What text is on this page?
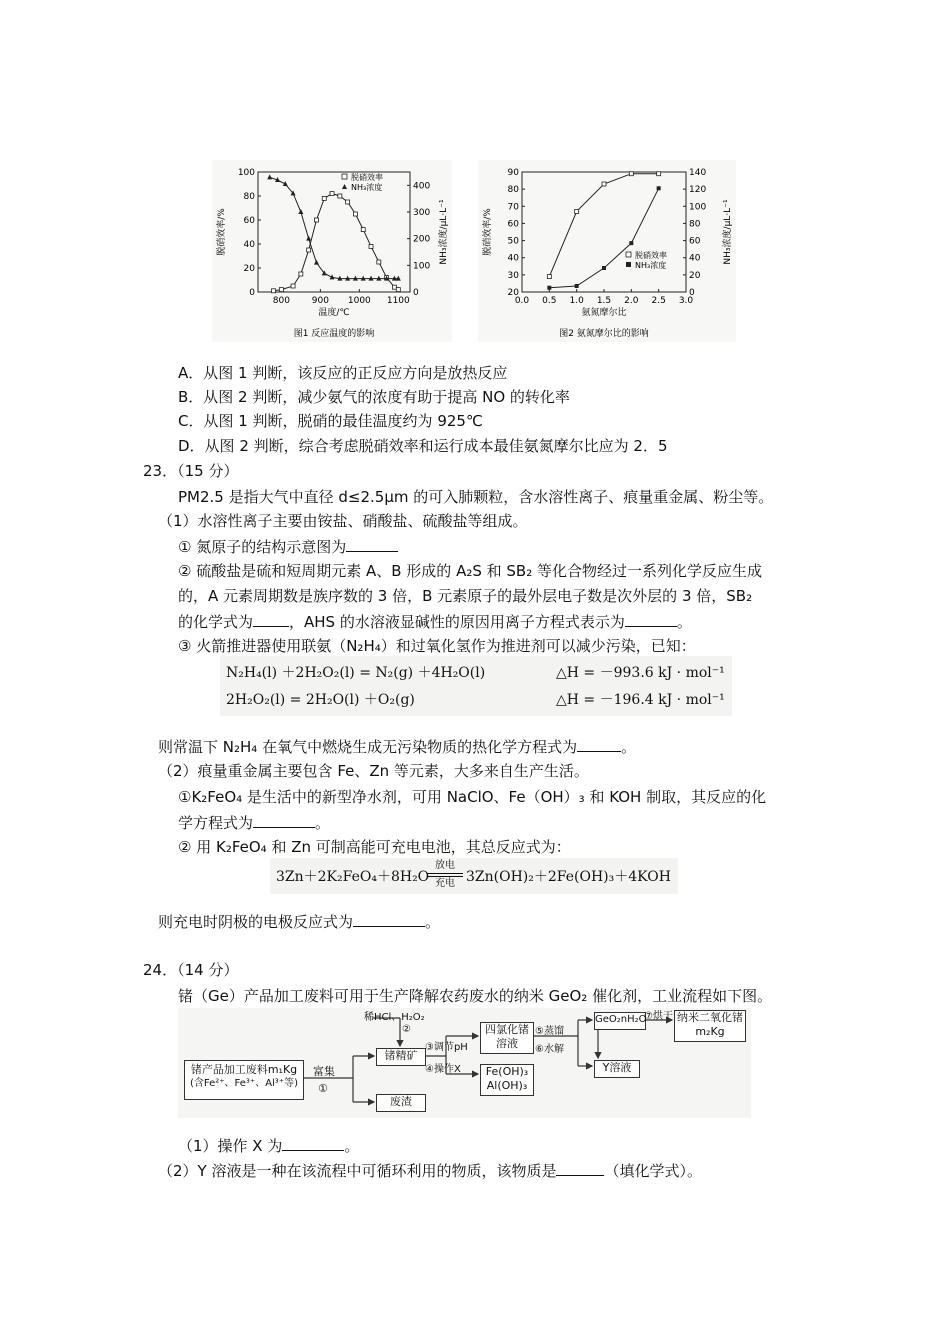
800 900 1000 1100
0
20
40
60
80
100
0
100
200
300
400
温度/℃
脱硝效率/%	NH₃浓度/μL·L⁻¹
图1 反应温度的影响
脱硝效率
NH₃浓度
0.0 0.5 1.0 1.5 2.0 2.5 3.0
20
30
40
50
60
70
80
90
0
20
40
60
80
100
120
140
氨氮摩尔比
脱硝效率/%	NH₃浓度/μL·L⁻¹
图2 氨氮摩尔比的影响
脱硝效率
NH₃浓度
A．从图 1 判断，该反应的正反应方向是放热反应
B．从图 2 判断，减少氨气的浓度有助于提高 NO 的转化率
C．从图 1 判断，脱硝的最佳温度约为 925℃
D．从图 2 判断，综合考虑脱硝效率和运行成本最佳氨氮摩尔比应为 2．5
23．（15 分）
PM2.5 是指大气中直径 d≤2.5μm 的可入肺颗粒，含水溶性离子、痕量重金属、粉尘等。
（1）水溶性离子主要由铵盐、硝酸盐、硫酸盐等组成。
① 氮原子的结构示意图为
② 硫酸盐是硫和短周期元素 A、B 形成的 A₂S 和 SB₂ 等化合物经过一系列化学反应生成
的，A 元素周期数是族序数的 3 倍，B 元素原子的最外层电子数是次外层的 3 倍，SB₂
的化学式为 ，AHS 的水溶液显碱性的原因用离子方程式表示为	。
③ 火箭推进器使用联氨（N₂H₄）和过氧化氢作为推进剂可以减少污染，已知：
N₂H₄(l) ＋2H₂O₂(l) = N₂(g) ＋4H₂O(l)	△H = －993.6 kJ · mol⁻¹
2H₂O₂(l) = 2H₂O(l) ＋O₂(g)	△H = －196.4 kJ · mol⁻¹
则常温下 N₂H₄ 在氧气中燃烧生成无污染物质的热化学方程式为	。
（2）痕量重金属主要包含 Fe、Zn 等元素，大多来自生产生活。
①K₂FeO₄ 是生活中的新型净水剂，可用 NaClO、Fe（OH）₃ 和 KOH 制取，其反应的化
学方程式为	。
② 用 K₂FeO₄ 和 Zn 可制高能可充电电池，其总反应式为：
3Zn＋2K₂FeO₄＋8H₂O
放电
充电 3Zn(OH)₂＋2Fe(OH)₃＋4KOH
则充电时阴极的电极反应式为	。
24．（14 分）
锗（Ge）产品加工废料可用于生产降解农药废水的纳米 GeO₂ 催化剂，工业流程如下图。
锗产品加工废料m₁Kg
(含Fe²⁺、Fe³⁺、Al³⁺等)
富集
①
稀HCl、H₂O₂
②
锗精矿
③调节pH
④操作X
四氯化锗溶液
Fe(OH)₃ Al(OH)₃
⑤蒸馏
⑥水解
GeO₂nH₂O
⑦烘干 纳米二氧化锗 m₂Kg
Y溶液
废渣
（1）操作 X 为	。
（2）Y 溶液是一种在该流程中可循环利用的物质，该物质是	（填化学式）。
